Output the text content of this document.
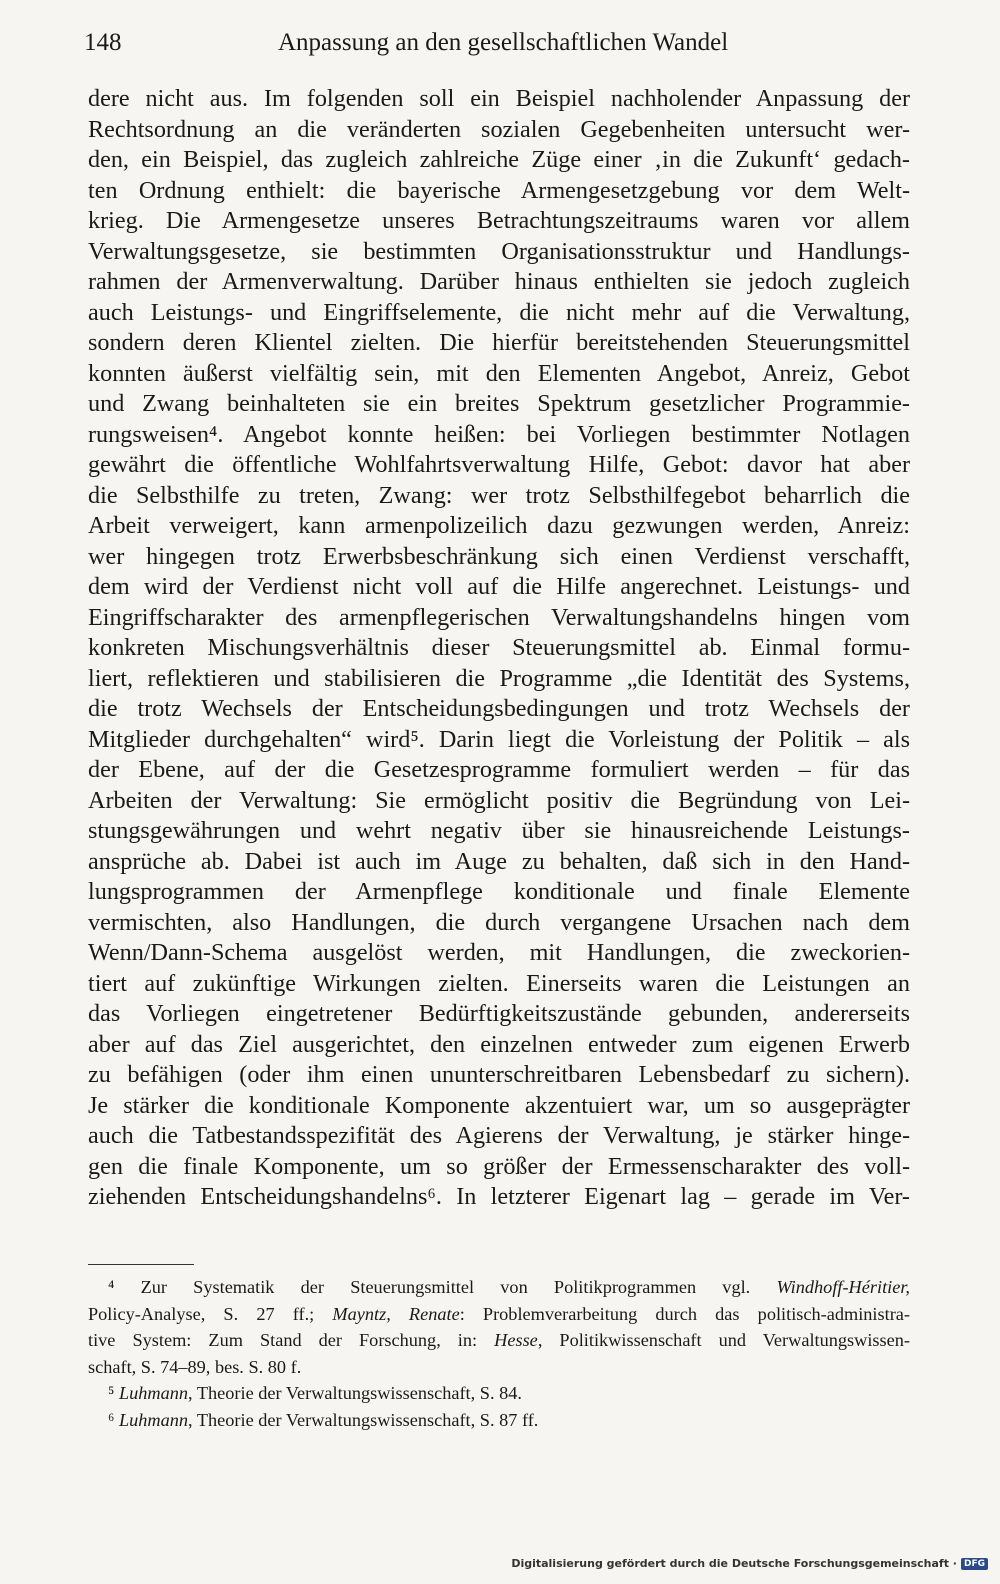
148	Anpassung an den gesellschaftlichen Wandel
dere nicht aus. Im folgenden soll ein Beispiel nachholender Anpassung der
Rechtsordnung an die veränderten sozialen Gegebenheiten untersucht wer-
den, ein Beispiel, das zugleich zahlreiche Züge einer ‚in die Zukunft‘ gedach-
ten Ordnung enthielt: die bayerische Armengesetzgebung vor dem Welt-
krieg. Die Armengesetze unseres Betrachtungszeitraums waren vor allem
Verwaltungsgesetze, sie bestimmten Organisationsstruktur und Handlungs-
rahmen der Armenverwaltung. Darüber hinaus enthielten sie jedoch zugleich
auch Leistungs- und Eingriffselemente, die nicht mehr auf die Verwaltung,
sondern deren Klientel zielten. Die hierfür bereitstehenden Steuerungsmittel
konnten äußerst vielfältig sein, mit den Elementen Angebot, Anreiz, Gebot
und Zwang beinhalteten sie ein breites Spektrum gesetzlicher Programmie-
rungsweisen⁴. Angebot konnte heißen: bei Vorliegen bestimmter Notlagen
gewährt die öffentliche Wohlfahrtsverwaltung Hilfe, Gebot: davor hat aber
die Selbsthilfe zu treten, Zwang: wer trotz Selbsthilfegebot beharrlich die
Arbeit verweigert, kann armenpolizeilich dazu gezwungen werden, Anreiz:
wer hingegen trotz Erwerbsbeschränkung sich einen Verdienst verschafft,
dem wird der Verdienst nicht voll auf die Hilfe angerechnet. Leistungs- und
Eingriffscharakter des armenpflegerischen Verwaltungshandelns hingen vom
konkreten Mischungsverhältnis dieser Steuerungsmittel ab. Einmal formu-
liert, reflektieren und stabilisieren die Programme „die Identität des Systems,
die trotz Wechsels der Entscheidungsbedingungen und trotz Wechsels der
Mitglieder durchgehalten“ wird⁵. Darin liegt die Vorleistung der Politik – als
der Ebene, auf der die Gesetzesprogramme formuliert werden – für das
Arbeiten der Verwaltung: Sie ermöglicht positiv die Begründung von Lei-
stungsgewährungen und wehrt negativ über sie hinausreichende Leistungs-
ansprüche ab. Dabei ist auch im Auge zu behalten, daß sich in den Hand-
lungsprogrammen der Armenpflege konditionale und finale Elemente
vermischten, also Handlungen, die durch vergangene Ursachen nach dem
Wenn/Dann-Schema ausgelöst werden, mit Handlungen, die zweckorien-
tiert auf zukünftige Wirkungen zielten. Einerseits waren die Leistungen an
das Vorliegen eingetretener Bedürftigkeitszustände gebunden, andererseits
aber auf das Ziel ausgerichtet, den einzelnen entweder zum eigenen Erwerb
zu befähigen (oder ihm einen ununterschreitbaren Lebensbedarf zu sichern).
Je stärker die konditionale Komponente akzentuiert war, um so ausgeprägter
auch die Tatbestandsspezifität des Agierens der Verwaltung, je stärker hinge-
gen die finale Komponente, um so größer der Ermessenscharakter des voll-
ziehenden Entscheidungshandelns⁶. In letzterer Eigenart lag – gerade im Ver-
⁴ Zur Systematik der Steuerungsmittel von Politikprogrammen vgl. Windhoff-Héritier,
Policy-Analyse, S. 27 ff.; Mayntz, Renate: Problemverarbeitung durch das politisch-administra-
tive System: Zum Stand der Forschung, in: Hesse, Politikwissenschaft und Verwaltungswissen-
schaft, S. 74–89, bes. S. 80 f.
⁵ Luhmann, Theorie der Verwaltungswissenschaft, S. 84.
⁶ Luhmann, Theorie der Verwaltungswissenschaft, S. 87 ff.
Digitalisierung gefördert durch die Deutsche Forschungsgemeinschaft · DFG
